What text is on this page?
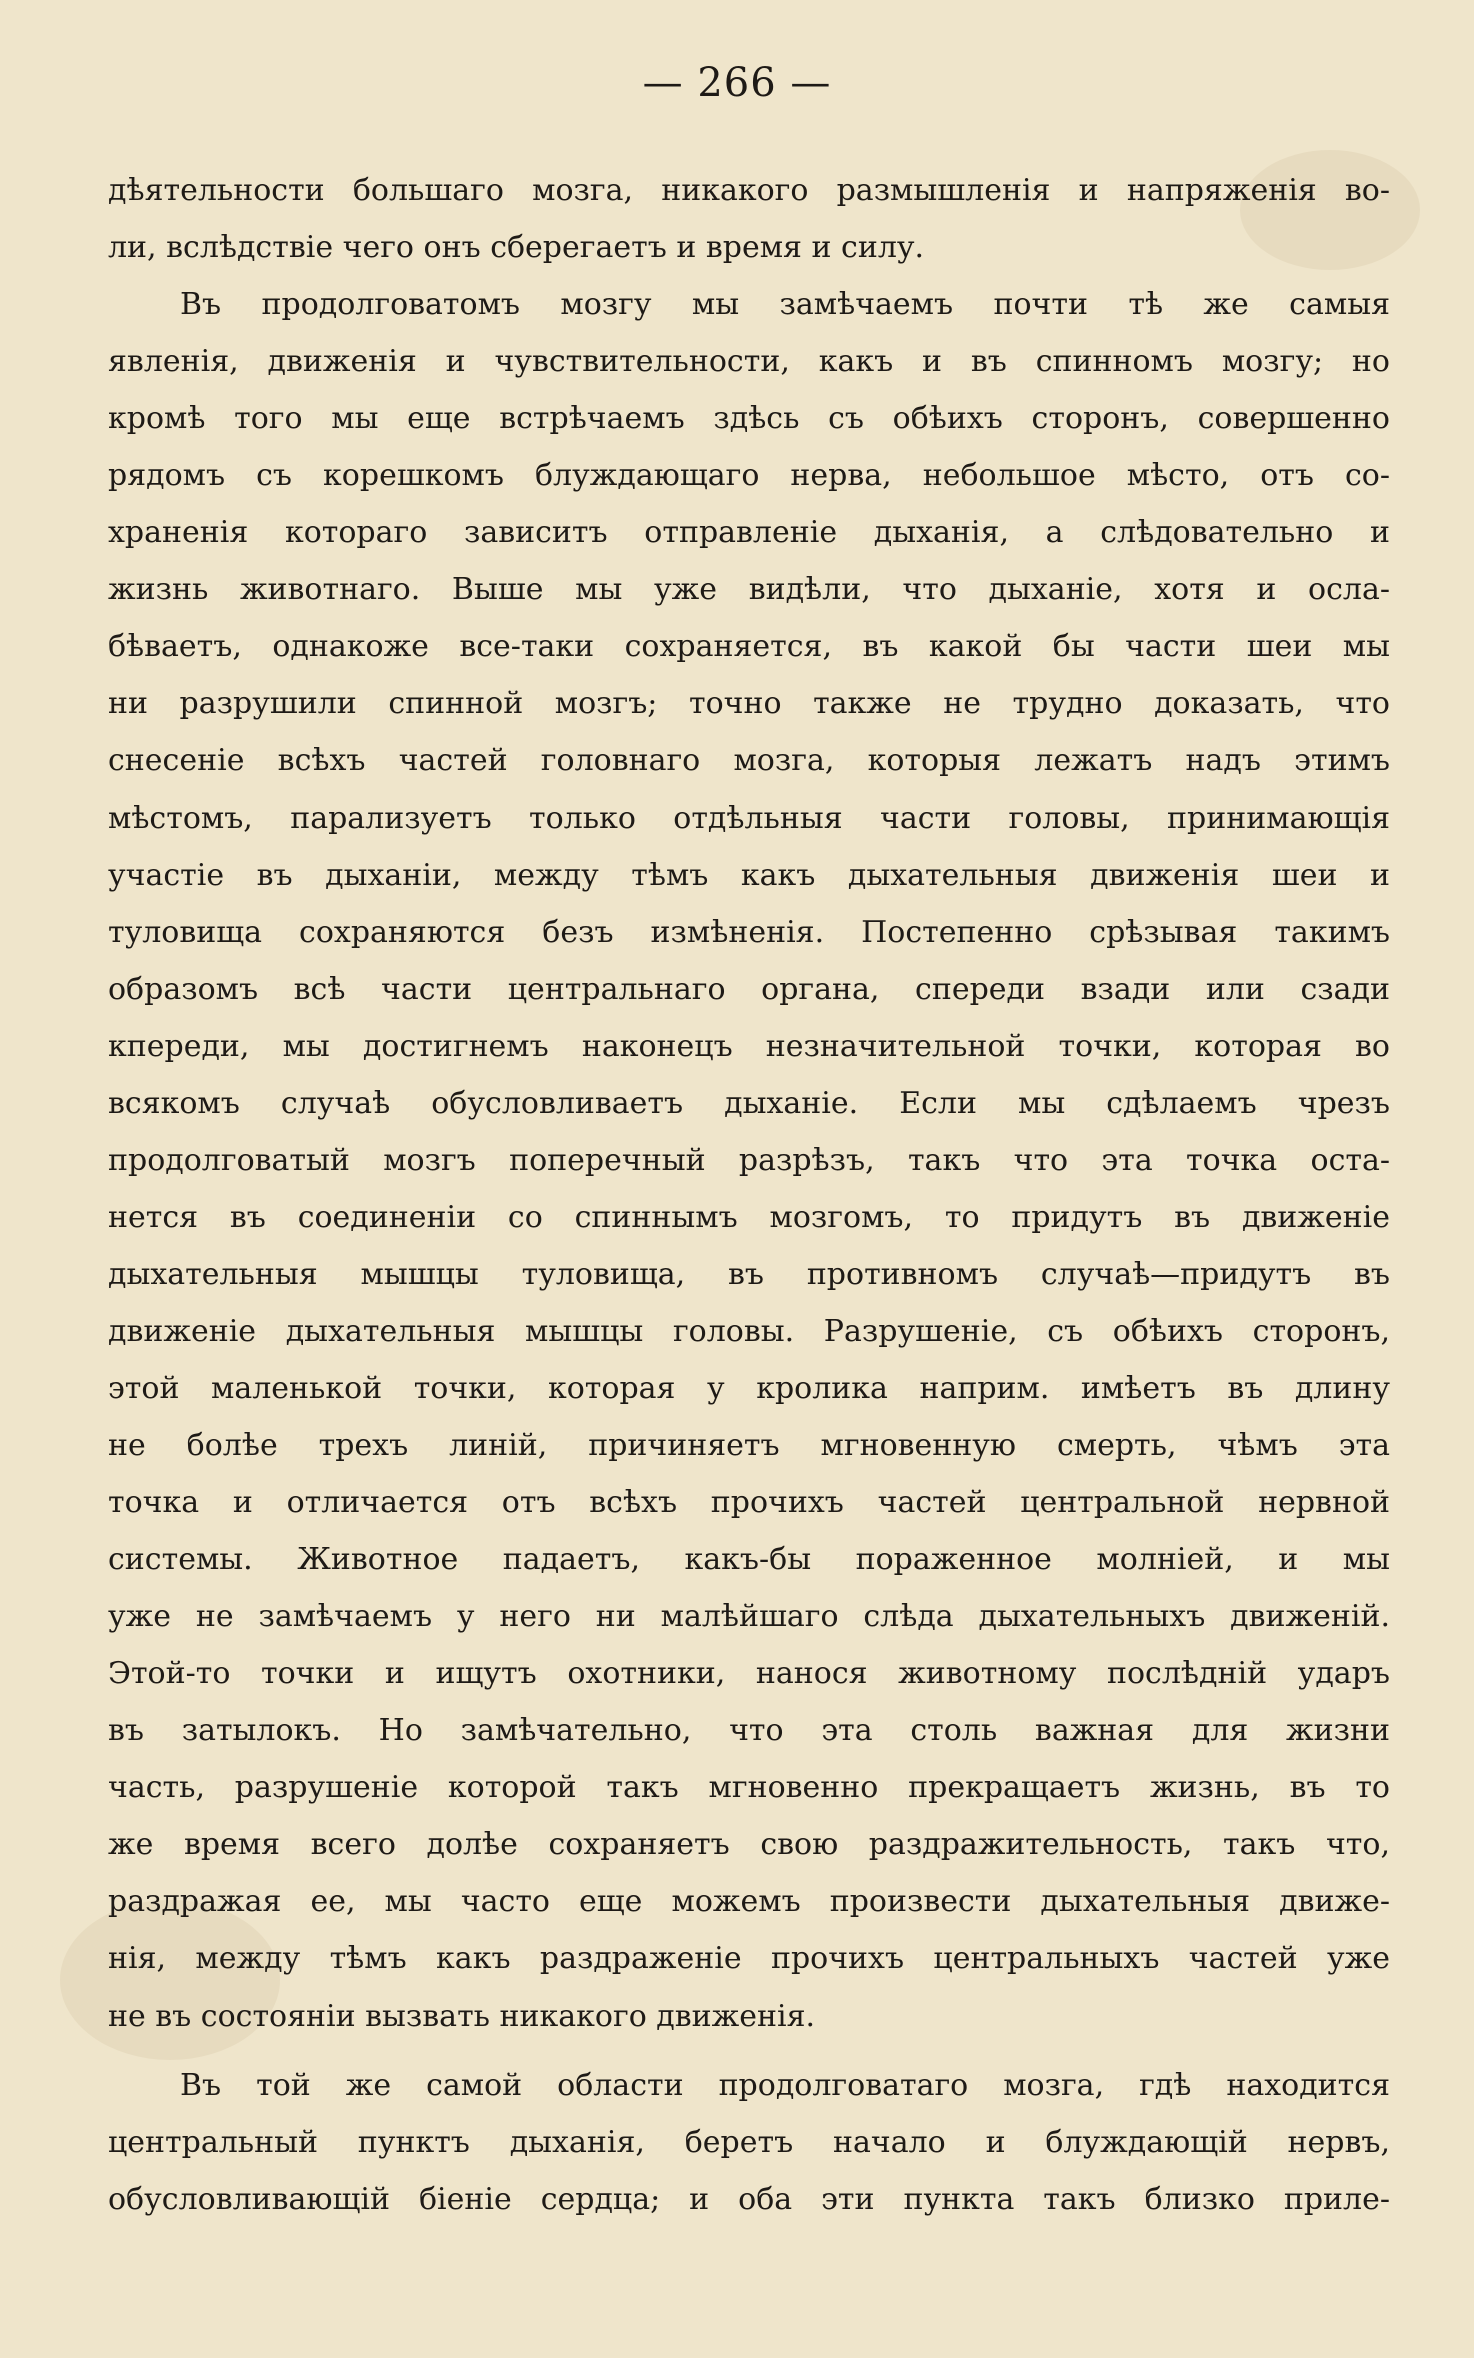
— 266 —
дѣятельности большаго мозга, никакого размышленія и напряженія во-
ли, вслѣдствіе чего онъ сберегаетъ и время и силу.
Въ продолговатомъ мозгу мы замѣчаемъ почти тѣ же самыя
явленія, движенія и чувствительности, какъ и въ спинномъ мозгу; но
кромѣ того мы еще встрѣчаемъ здѣсь съ обѣихъ сторонъ, совершенно
рядомъ съ корешкомъ блуждающаго нерва, небольшое мѣсто, отъ со-
храненія котораго зависитъ отправленіе дыханія, а слѣдовательно и
жизнь животнаго. Выше мы уже видѣли, что дыханіе, хотя и осла-
бѣваетъ, однакоже все-таки сохраняется, въ какой бы части шеи мы
ни разрушили спинной мозгъ; точно также не трудно доказать, что
снесеніе всѣхъ частей головнаго мозга, которыя лежатъ надъ этимъ
мѣстомъ, парализуетъ только отдѣльныя части головы, принимающія
участіе въ дыханіи, между тѣмъ какъ дыхательныя движенія шеи и
туловища сохраняются безъ измѣненія. Постепенно срѣзывая такимъ
образомъ всѣ части центральнаго органа, спереди взади или сзади
кпереди, мы достигнемъ наконецъ незначительной точки, которая во
всякомъ случаѣ обусловливаетъ дыханіе. Если мы сдѣлаемъ чрезъ
продолговатый мозгъ поперечный разрѣзъ, такъ что эта точка оста-
нется въ соединеніи со спиннымъ мозгомъ, то придутъ въ движеніе
дыхательныя мышцы туловища, въ противномъ случаѣ—придутъ въ
движеніе дыхательныя мышцы головы. Разрушеніе, съ обѣихъ сторонъ,
этой маленькой точки, которая у кролика наприм. имѣетъ въ длину
не болѣе трехъ линій, причиняетъ мгновенную смерть, чѣмъ эта
точка и отличается отъ всѣхъ прочихъ частей центральной нервной
системы. Животное падаетъ, какъ-бы пораженное молніей, и мы
уже не замѣчаемъ у него ни малѣйшаго слѣда дыхательныхъ движеній.
Этой-то точки и ищутъ охотники, нанося животному послѣдній ударъ
въ затылокъ. Но замѣчательно, что эта столь важная для жизни
часть, разрушеніе которой такъ мгновенно прекращаетъ жизнь, въ то
же время всего долѣе сохраняетъ свою раздражительность, такъ что,
раздражая ее, мы часто еще можемъ произвести дыхательныя движе-
нія, между тѣмъ какъ раздраженіе прочихъ центральныхъ частей уже
не въ состояніи вызвать никакого движенія.
Въ той же самой области продолговатаго мозга, гдѣ находится
центральный пунктъ дыханія, беретъ начало и блуждающій нервъ,
обусловливающій біеніе сердца; и оба эти пункта такъ близко приле-
